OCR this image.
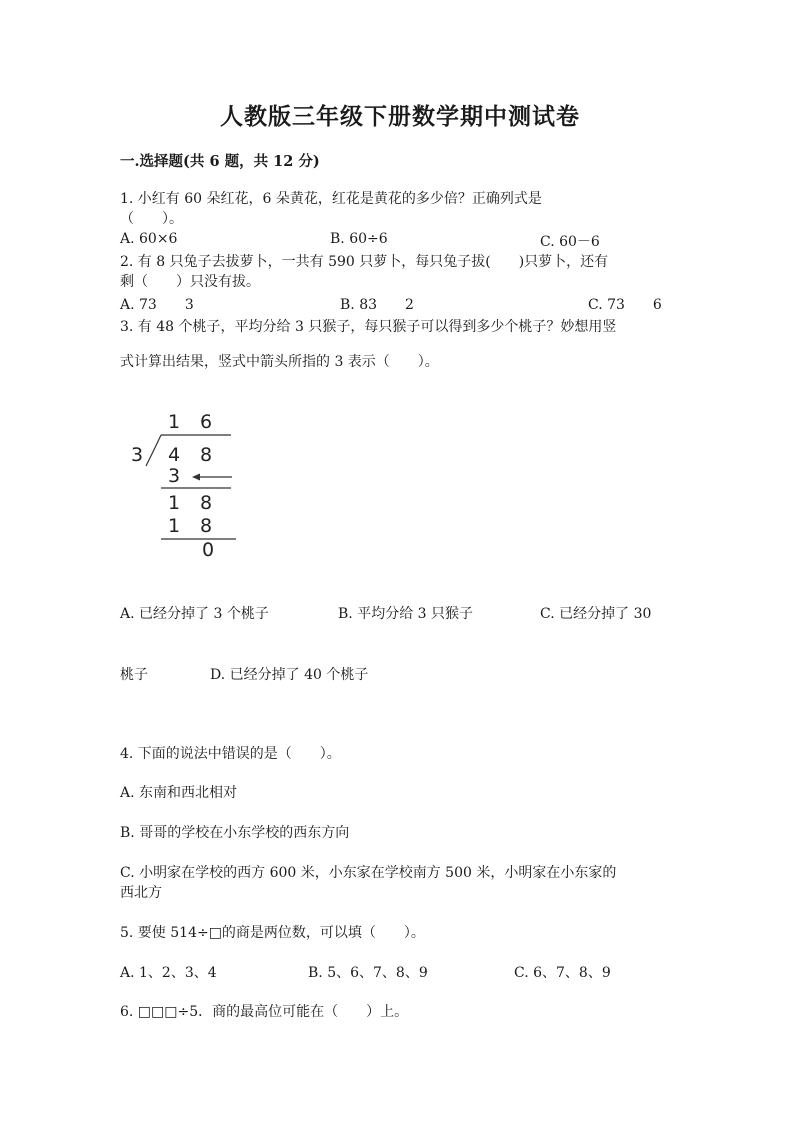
人教版三年级下册数学期中测试卷
一.选择题(共 6 题，共 12 分)
1. 小红有 60 朵红花，6 朵黄花，红花是黄花的多少倍？正确列式是
（　　）。
A. 60×6	B. 60÷6	C. 60－6
2. 有 8 只兔子去拔萝卜，一共有 590 只萝卜，每只兔子拔(　　)只萝卜，还有
剩（　　）只没有拔。
A. 73　　3	B. 83　　2	C. 73　　6
3. 有 48 个桃子，平均分给 3 只猴子，每只猴子可以得到多少个桃子？妙想用竖
式计算出结果，竖式中箭头所指的 3 表示（　　）。
1 6
3 4 8
3
1 8
1 8
0
A. 已经分掉了 3 个桃子	B. 平均分给 3 只猴子	C. 已经分掉了 30
桃子	D. 已经分掉了 40 个桃子
4. 下面的说法中错误的是（　　）。
A. 东南和西北相对
B. 哥哥的学校在小东学校的西东方向
C. 小明家在学校的西方 600 米，小东家在学校南方 500 米，小明家在小东家的
西北方
5. 要使 514÷□的商是两位数，可以填（　　）。
A. 1、2、3、4	B. 5、6、7、8、9	C. 6、7、8、9
6. □□□÷5．商的最高位可能在（　　）上。
